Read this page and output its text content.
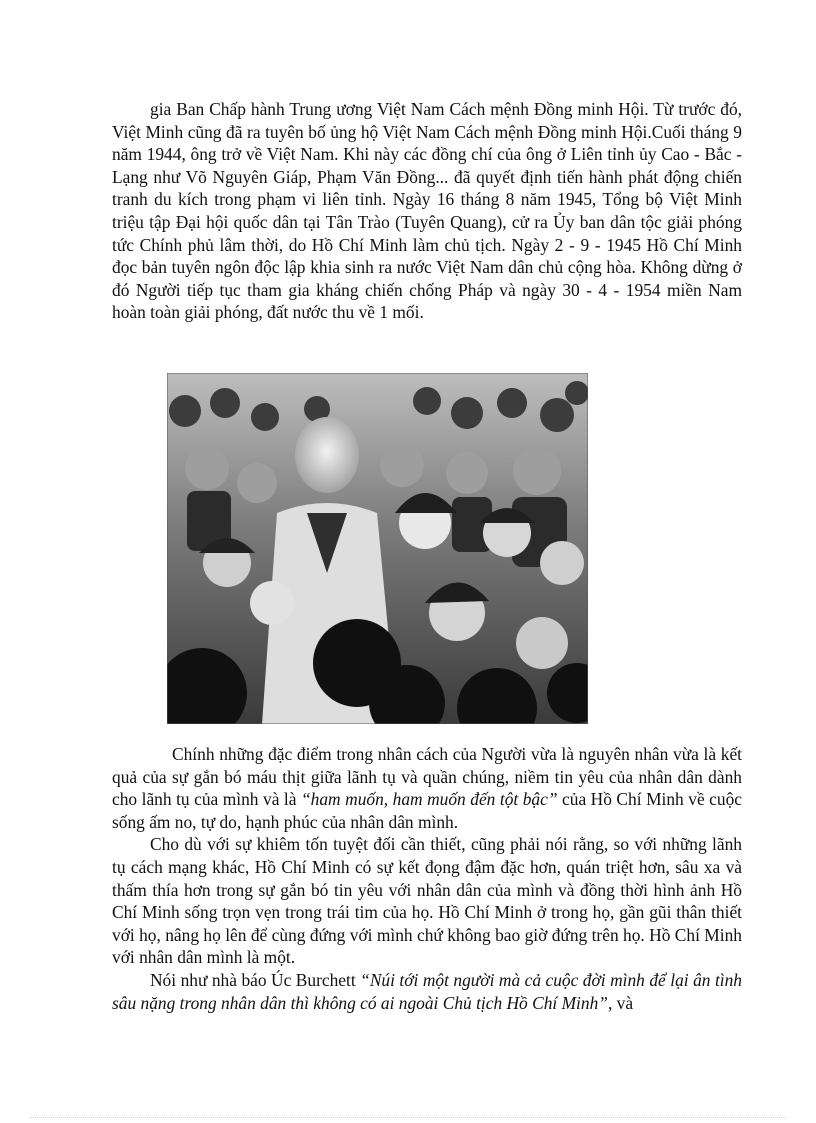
gia Ban Chấp hành Trung ương Việt Nam Cách mệnh Đồng minh Hội. Từ trước đó, Việt Minh cũng đã ra tuyên bố ủng hộ Việt Nam Cách mệnh Đồng minh Hội.Cuối tháng 9 năm 1944, ông trở về Việt Nam. Khi này các đồng chí của ông ở Liên tỉnh ủy Cao - Bắc - Lạng như Võ Nguyên Giáp, Phạm Văn Đồng... đã quyết định tiến hành phát động chiến tranh du kích trong phạm vi liên tỉnh. Ngày 16 tháng 8 năm 1945, Tổng bộ Việt Minh triệu tập Đại hội quốc dân tại Tân Trào (Tuyên Quang), cử ra Ủy ban dân tộc giải phóng tức Chính phủ lâm thời, do Hồ Chí Minh làm chủ tịch. Ngày 2 - 9 - 1945 Hồ Chí Minh đọc bản tuyên ngôn độc lập khia sinh ra nước Việt Nam dân chủ cộng hòa. Không dừng ở đó Người tiếp tục tham gia kháng chiến chống Pháp và ngày 30 - 4 - 1954 miền Nam hoàn toàn giải phóng, đất nước thu về 1 mối.

Chính những đặc điểm trong nhân cách của Người vừa là nguyên nhân vừa là kết quả của sự gắn bó máu thịt giữa lãnh tụ và quần chúng, niềm tin yêu của nhân dân dành cho lãnh tụ của mình và là “ham muốn, ham muốn đến tột bậc” của Hồ Chí Minh về cuộc sống ấm no, tự do, hạnh phúc của nhân dân mình.

Cho dù với sự khiêm tốn tuyệt đối cần thiết, cũng phải nói rằng, so với những lãnh tụ cách mạng khác, Hồ Chí Minh có sự kết đọng đậm đặc hơn, quán triệt hơn, sâu xa và thấm thía hơn trong sự gắn bó tin yêu với nhân dân của mình và đồng thời hình ảnh Hồ Chí Minh sống trọn vẹn trong trái tim của họ. Hồ Chí Minh ở trong họ, gần gũi thân thiết với họ, nâng họ lên để cùng đứng với mình chứ không bao giờ đứng trên họ. Hồ Chí Minh với nhân dân mình là một.

Nói như nhà báo Úc Burchett “Núi tới một người mà cả cuộc đời mình để lại ân tình sâu nặng trong nhân dân thì không có ai ngoài Chủ tịch Hồ Chí Minh”, và
